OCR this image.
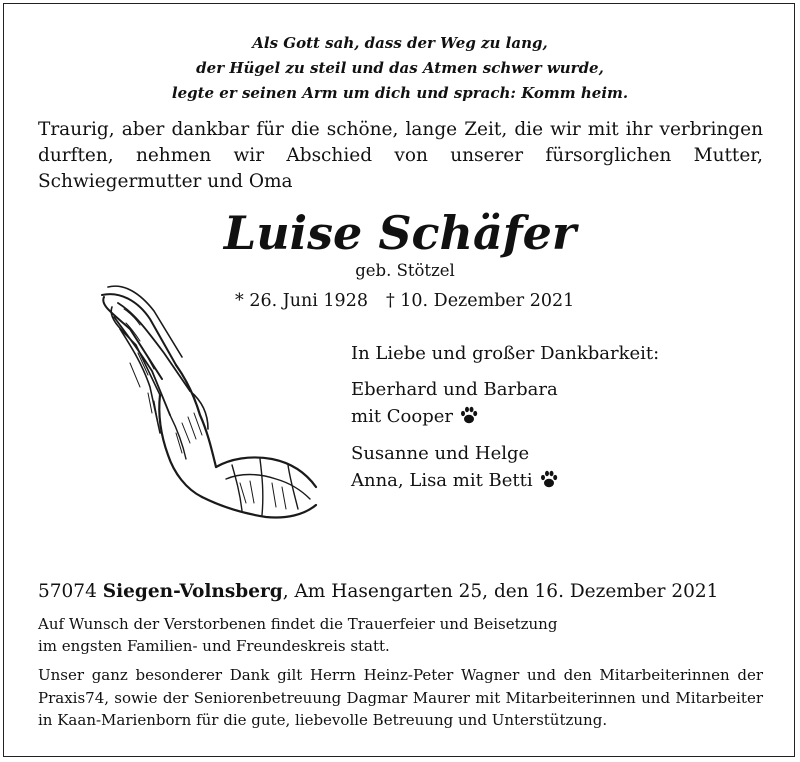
Als Gott sah, dass der Weg zu lang,
der Hügel zu steil und das Atmen schwer wurde,
legte er seinen Arm um dich und sprach: Komm heim.
Traurig, aber dankbar für die schöne, lange Zeit, die wir mit ihr verbringen
durften, nehmen wir Abschied von unserer fürsorglichen Mutter,
Schwiegermutter und Oma
Luise Schäfer
geb. Stötzel
* 26. Juni 1928 † 10. Dezember 2021
In Liebe und großer Dankbarkeit:
Eberhard und Barbara
mit Cooper
Susanne und Helge
Anna, Lisa mit Betti
57074 Siegen-Volnsberg, Am Hasengarten 25, den 16. Dezember 2021
Auf Wunsch der Verstorbenen findet die Trauerfeier und Beisetzung
im engsten Familien- und Freundeskreis statt.
Unser ganz besonderer Dank gilt Herrn Heinz-Peter Wagner und den Mitarbeiterinnen der
Praxis74, sowie der Seniorenbetreuung Dagmar Maurer mit Mitarbeiterinnen und Mitarbeiter
in Kaan-Marienborn für die gute, liebevolle Betreuung und Unterstützung.
